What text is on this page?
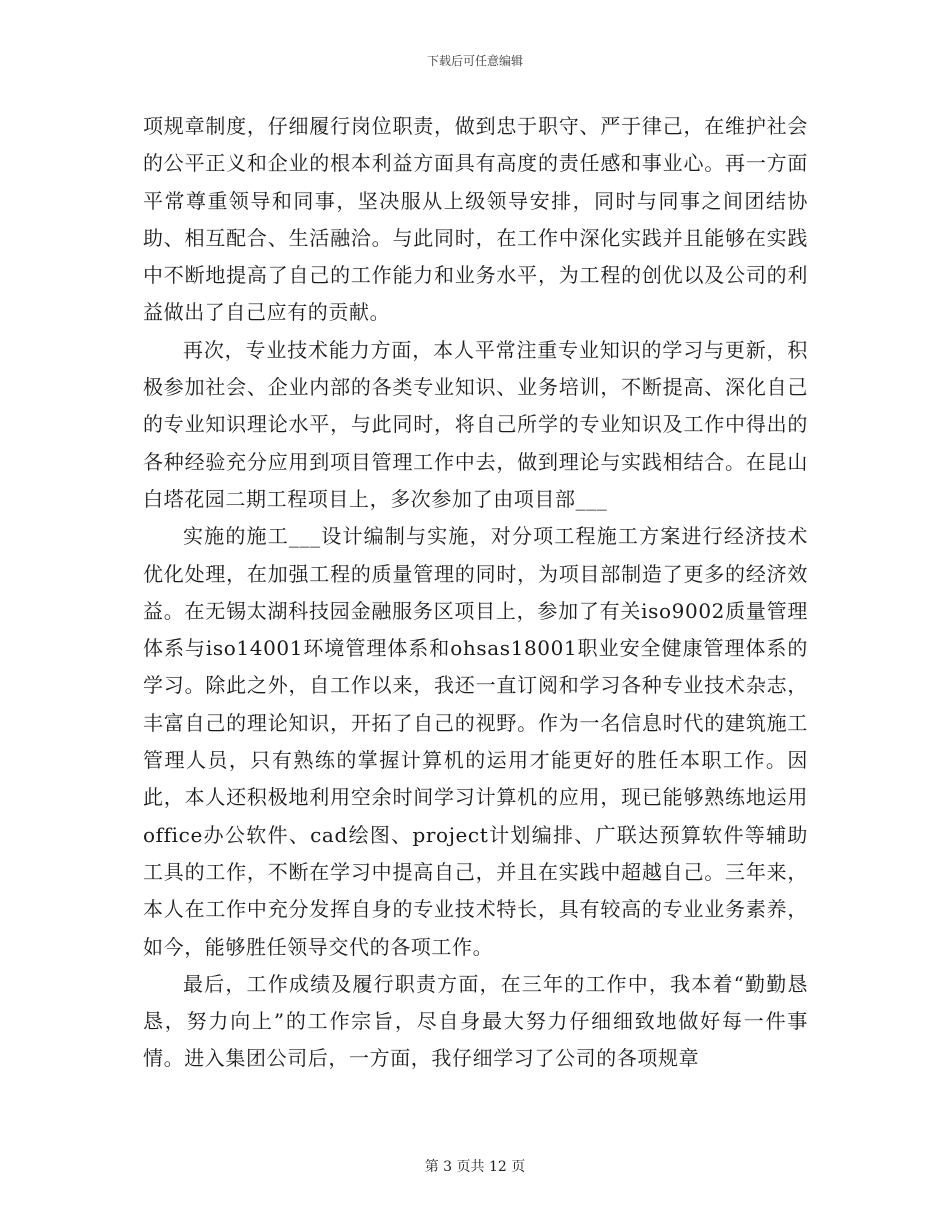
下载后可任意编辑

项规章制度，仔细履行岗位职责，做到忠于职守、严于律己，在维护社会的公平正义和企业的根本利益方面具有高度的责任感和事业心。再一方面平常尊重领导和同事，坚决服从上级领导安排，同时与同事之间团结协助、相互配合、生活融洽。与此同时，在工作中深化实践并且能够在实践中不断地提高了自己的工作能力和业务水平，为工程的创优以及公司的利益做出了自己应有的贡献。

再次，专业技术能力方面，本人平常注重专业知识的学习与更新，积极参加社会、企业内部的各类专业知识、业务培训，不断提高、深化自己的专业知识理论水平，与此同时，将自己所学的专业知识及工作中得出的各种经验充分应用到项目管理工作中去，做到理论与实践相结合。在昆山白塔花园二期工程项目上，多次参加了由项目部___

实施的施工___设计编制与实施，对分项工程施工方案进行经济技术优化处理，在加强工程的质量管理的同时，为项目部制造了更多的经济效益。在无锡太湖科技园金融服务区项目上，参加了有关iso9002质量管理体系与iso14001环境管理体系和ohsas18001职业安全健康管理体系的学习。除此之外，自工作以来，我还一直订阅和学习各种专业技术杂志，丰富自己的理论知识，开拓了自己的视野。作为一名信息时代的建筑施工管理人员，只有熟练的掌握计算机的运用才能更好的胜任本职工作。因此，本人还积极地利用空余时间学习计算机的应用，现已能够熟练地运用office办公软件、cad绘图、project计划编排、广联达预算软件等辅助工具的工作，不断在学习中提高自己，并且在实践中超越自己。三年来，本人在工作中充分发挥自身的专业技术特长，具有较高的专业业务素养，如今，能够胜任领导交代的各项工作。

最后，工作成绩及履行职责方面，在三年的工作中，我本着“勤勤恳恳，努力向上”的工作宗旨，尽自身最大努力仔细细致地做好每一件事情。进入集团公司后，一方面，我仔细学习了公司的各项规章

第 3 页共 12 页
